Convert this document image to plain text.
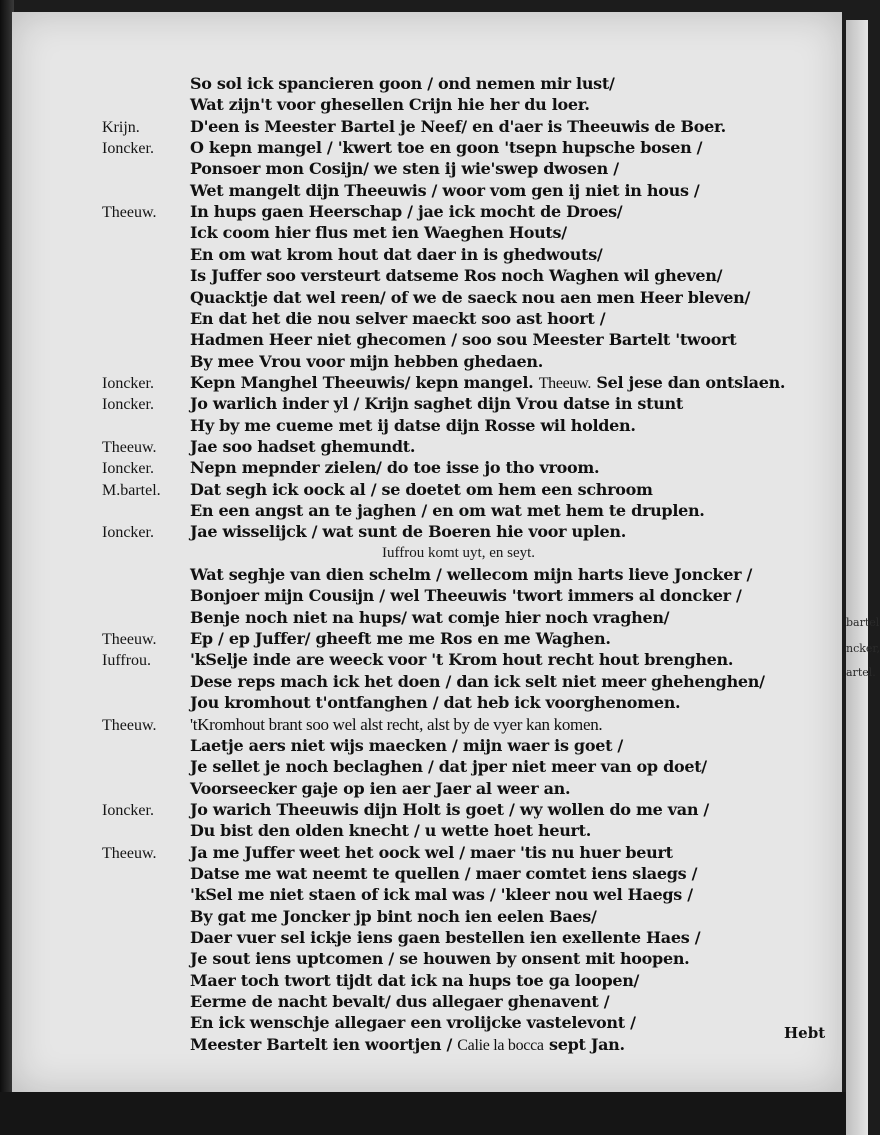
So sol ick spancieren goon / ond nemen mir lust/
Wat zijn't voor ghesellen Crijn hie her du loer.
Krijn.	D'een is Meester Bartel je Neef/ en d'aer is Theeuwis de Boer.
Ioncker. O kepn mangel / 'kwert toe en goon 'tsepn hupsche bosen /
Ponsoer mon Cosijn/ we sten ij wie'swep dwosen /
Wet mangelt dijn Theeuwis / woor vom gen ij niet in hous /
Theeuw. In hups gaen Heerschap / jae ick mocht de Droes/
Ick coom hier flus met ien Waeghen Houts/
En om wat krom hout dat daer in is ghedwouts/
Is Juffer soo versteurt datseme Ros noch Waghen wil gheven/
Quacktje dat wel reen/ of we de saeck nou aen men Heer bleven/
En dat het die nou selver maeckt soo ast hoort /
Hadmen Heer niet ghecomen / soo sou Meester Bartelt 'twoort
By mee Vrou voor mijn hebben ghedaen.
Ioncker. Kepn Manghel Theeuwis/ kepn mangel. Theeuw. Sel jese dan ontslaen.
Ioncker. Jo warlich inder yl / Krijn saghet dijn Vrou datse in stunt
Hy by me cueme met ij datse dijn Rosse wil holden.
Theeuw. Jae soo hadset ghemundt.
Ioncker. Nepn mepnder zielen/ do toe isse jo tho vroom.
M.bartel. Dat segh ick oock al / se doetet om hem een schroom
En een angst an te jaghen / en om wat met hem te druplen.
Ioncker. Jae wisselijck / wat sunt de Boeren hie voor uplen.
Iuffrou komt uyt, en seyt.
Wat seghje van dien schelm / wellecom mijn harts lieve Joncker /
Bonjoer mijn Cousijn / wel Theeuwis 'twort immers al doncker /
Benje noch niet na hups/ wat comje hier noch vraghen/
Theeuw. Ep / ep Juffer/ gheeft me me Ros en me Waghen.
Iuffrou. 'kSelje inde are weeck voor 't Krom hout recht hout brenghen.
Dese reps mach ick het doen / dan ick selt niet meer ghehenghen/
Jou kromhout t'ontfanghen / dat heb ick voorghenomen.
Theeuw. 'tKromhout brant soo wel alst recht, alst by de vyer kan komen.
Laetje aers niet wijs maecken / mijn waer is goet /
Je sellet je noch beclaghen / dat jper niet meer van op doet/
Voorseecker gaje op ien aer Jaer al weer an.
Ioncker. Jo warich Theeuwis dijn Holt is goet / wy wollen do me van /
Du bist den olden knecht / u wette hoet heurt.
Theeuw. Ja me Juffer weet het oock wel / maer 'tis nu huer beurt
Datse me wat neemt te quellen / maer comtet iens slaegs /
'kSel me niet staen of ick mal was / 'kleer nou wel Haegs /
By gat me Joncker jp bint noch ien eelen Baes/
Daer vuer sel ickje iens gaen bestellen ien exellente Haes /
Je sout iens uptcomen / se houwen by onsent mit hoopen.
Maer toch twort tijdt dat ick na hups toe ga loopen/
Eerme de nacht bevalt/ dus allegaer ghenavent /
En ick wenschje allegaer een vrolijcke vastelevont /
Meester Bartelt ien woortjen / Calie la bocca sept Jan.
Hebt
bartel
ncker,
artel.
